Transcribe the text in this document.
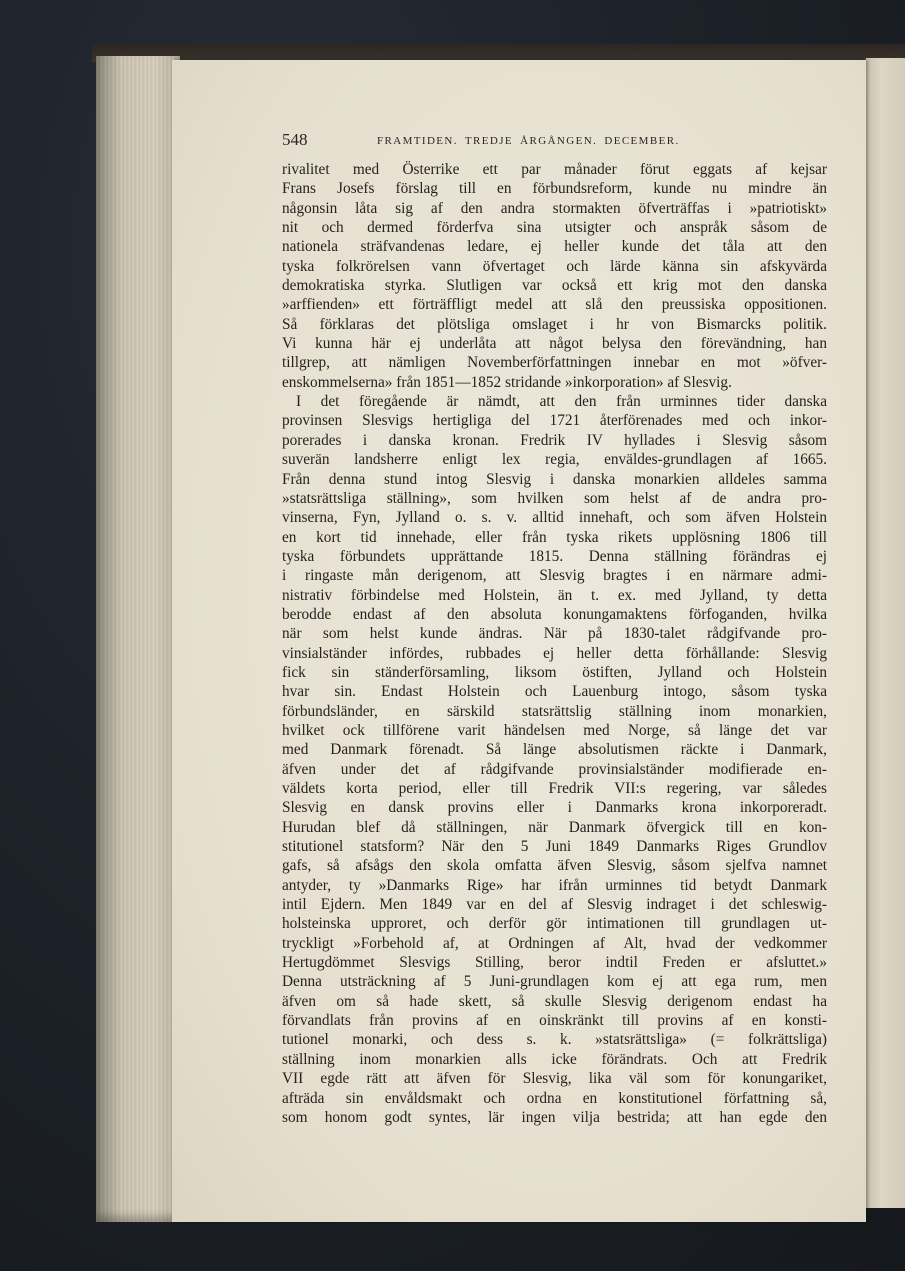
548	FRAMTIDEN. TREDJE ÅRGÅNGEN. DECEMBER.
rivalitet med Österrike ett par månader förut eggats af kejsar
Frans Josefs förslag till en förbundsreform, kunde nu mindre än
någonsin låta sig af den andra stormakten öfverträffas i »patriotiskt»
nit och dermed förderfva sina utsigter och anspråk såsom de
nationela sträfvandenas ledare, ej heller kunde det tåla att den
tyska folkrörelsen vann öfvertaget och lärde känna sin afskyvärda
demokratiska styrka. Slutligen var också ett krig mot den danska
»arffienden» ett förträffligt medel att slå den preussiska oppositionen.
Så förklaras det plötsliga omslaget i hr von Bismarcks politik.
Vi kunna här ej underlåta att något belysa den förevändning, han
tillgrep, att nämligen Novemberförfattningen innebar en mot »öfver-
enskommelserna» från 1851—1852 stridande »inkorporation» af Slesvig.
I det föregående är nämdt, att den från urminnes tider danska
provinsen Slesvigs hertigliga del 1721 återförenades med och inkor-
porerades i danska kronan. Fredrik IV hyllades i Slesvig såsom
suverän landsherre enligt lex regia, enväldes-grundlagen af 1665.
Från denna stund intog Slesvig i danska monarkien alldeles samma
»statsrättsliga ställning», som hvilken som helst af de andra pro-
vinserna, Fyn, Jylland o. s. v. alltid innehaft, och som äfven Holstein
en kort tid innehade, eller från tyska rikets upplösning 1806 till
tyska förbundets upprättande 1815. Denna ställning förändras ej
i ringaste mån derigenom, att Slesvig bragtes i en närmare admi-
nistrativ förbindelse med Holstein, än t. ex. med Jylland, ty detta
berodde endast af den absoluta konungamaktens förfoganden, hvilka
när som helst kunde ändras. När på 1830-talet rådgifvande pro-
vinsialständer infördes, rubbades ej heller detta förhållande: Slesvig
fick sin ständerförsamling, liksom östiften, Jylland och Holstein
hvar sin. Endast Holstein och Lauenburg intogo, såsom tyska
förbundsländer, en särskild statsrättslig ställning inom monarkien,
hvilket ock tillförene varit händelsen med Norge, så länge det var
med Danmark förenadt. Så länge absolutismen räckte i Danmark,
äfven under det af rådgifvande provinsialständer modifierade en-
väldets korta period, eller till Fredrik VII:s regering, var således
Slesvig en dansk provins eller i Danmarks krona inkorporeradt.
Hurudan blef då ställningen, när Danmark öfvergick till en kon-
stitutionel statsform? När den 5 Juni 1849 Danmarks Riges Grundlov
gafs, så afsågs den skola omfatta äfven Slesvig, såsom sjelfva namnet
antyder, ty »Danmarks Rige» har ifrån urminnes tid betydt Danmark
intil Ejdern. Men 1849 var en del af Slesvig indraget i det schleswig-
holsteinska upproret, och derför gör intimationen till grundlagen ut-
tryckligt »Forbehold af, at Ordningen af Alt, hvad der vedkommer
Hertugdömmet Slesvigs Stilling, beror indtil Freden er afsluttet.»
Denna utsträckning af 5 Juni-grundlagen kom ej att ega rum, men
äfven om så hade skett, så skulle Slesvig derigenom endast ha
förvandlats från provins af en oinskränkt till provins af en konsti-
tutionel monarki, och dess s. k. »statsrättsliga» (= folkrättsliga)
ställning inom monarkien alls icke förändrats. Och att Fredrik
VII egde rätt att äfven för Slesvig, lika väl som för konungariket,
afträda sin envåldsmakt och ordna en konstitutionel författning så,
som honom godt syntes, lär ingen vilja bestrida; att han egde den
